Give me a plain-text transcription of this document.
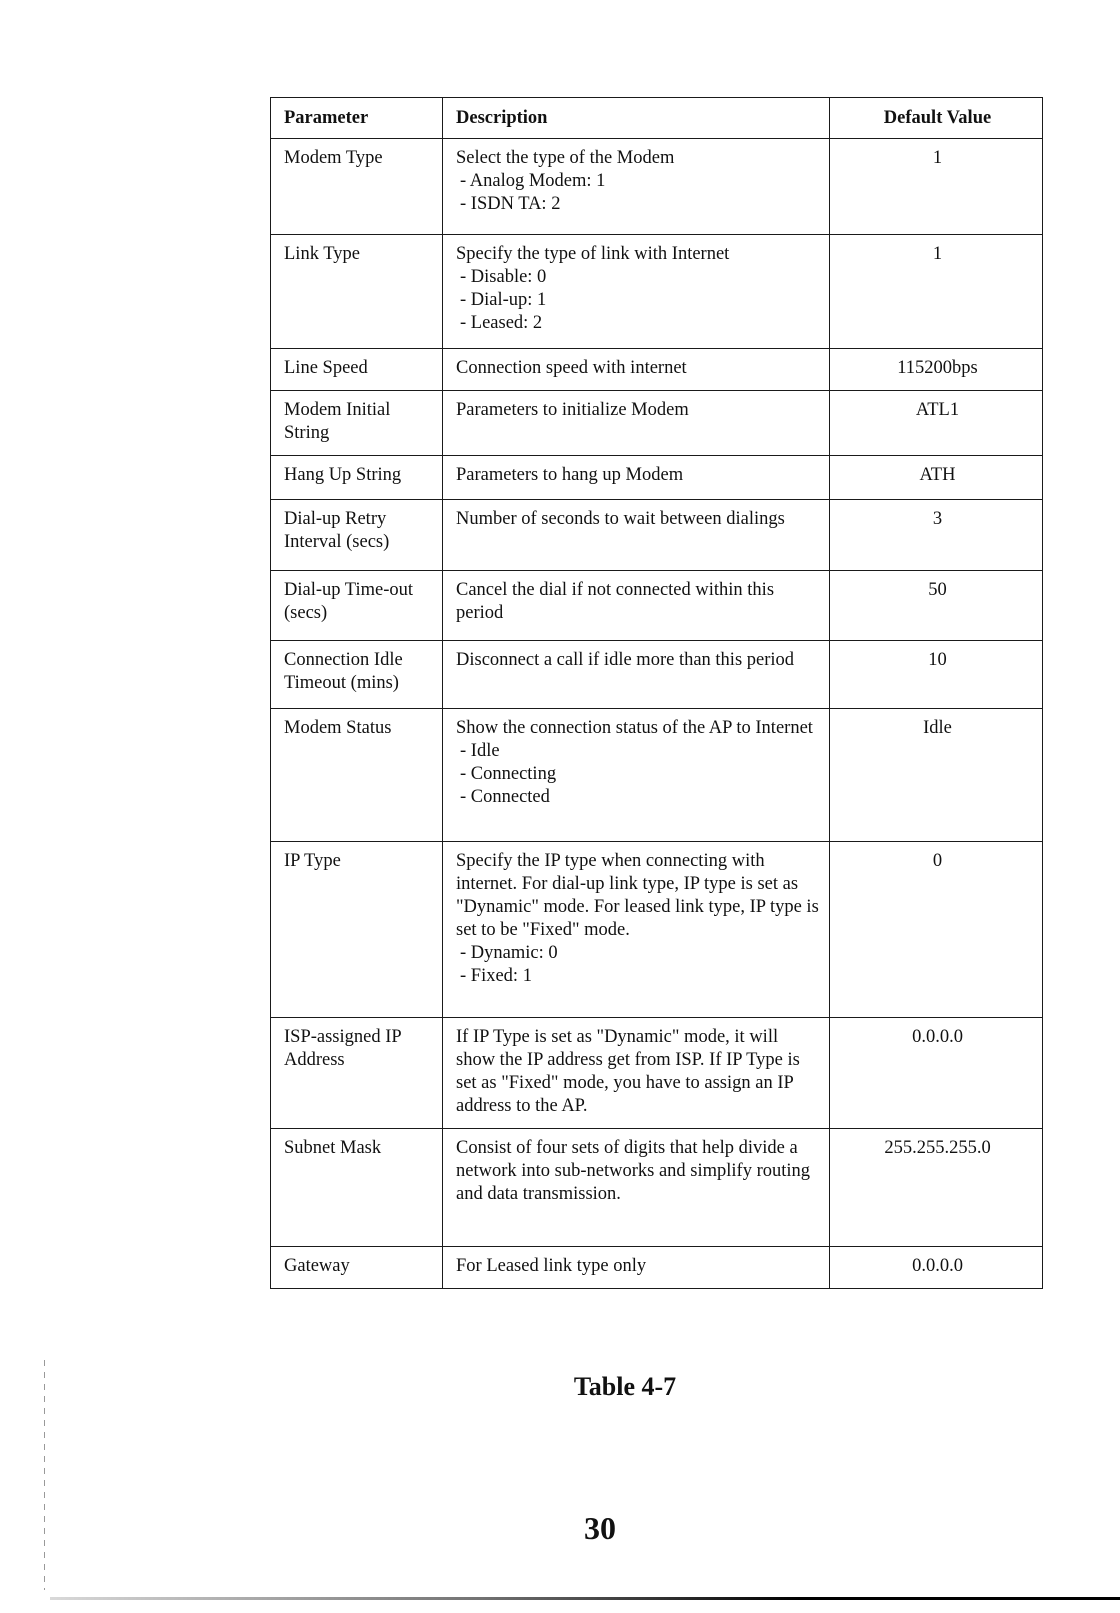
Parameter	Description	Default Value
Modem Type	Select the type of the Modem
- Analog Modem: 1
- ISDN TA: 2	1
Link Type	Specify the type of link with Internet
- Disable: 0
- Dial-up: 1
- Leased: 2	1
Line Speed	Connection speed with internet	115200bps
Modem Initial String	Parameters to initialize Modem	ATL1
Hang Up String	Parameters to hang up Modem	ATH
Dial-up Retry Interval (secs)	Number of seconds to wait between dialings	3
Dial-up Time-out (secs)	Cancel the dial if not connected within this period	50
Connection Idle Timeout (mins)	Disconnect a call if idle more than this period	10
Modem Status	Show the connection status of the AP to Internet
- Idle
- Connecting
- Connected	Idle
IP Type	Specify the IP type when connecting with internet. For dial-up link type, IP type is set as "Dynamic" mode. For leased link type, IP type is set to be "Fixed" mode.
- Dynamic: 0
- Fixed: 1	0
ISP-assigned IP Address	If IP Type is set as "Dynamic" mode, it will show the IP address get from ISP. If IP Type is set as "Fixed" mode, you have to assign an IP address to the AP.	0.0.0.0
Subnet Mask	Consist of four sets of digits that help divide a network into sub-networks and simplify routing and data transmission.	255.255.255.0
Gateway	For Leased link type only	0.0.0.0
Table 4-7
30
